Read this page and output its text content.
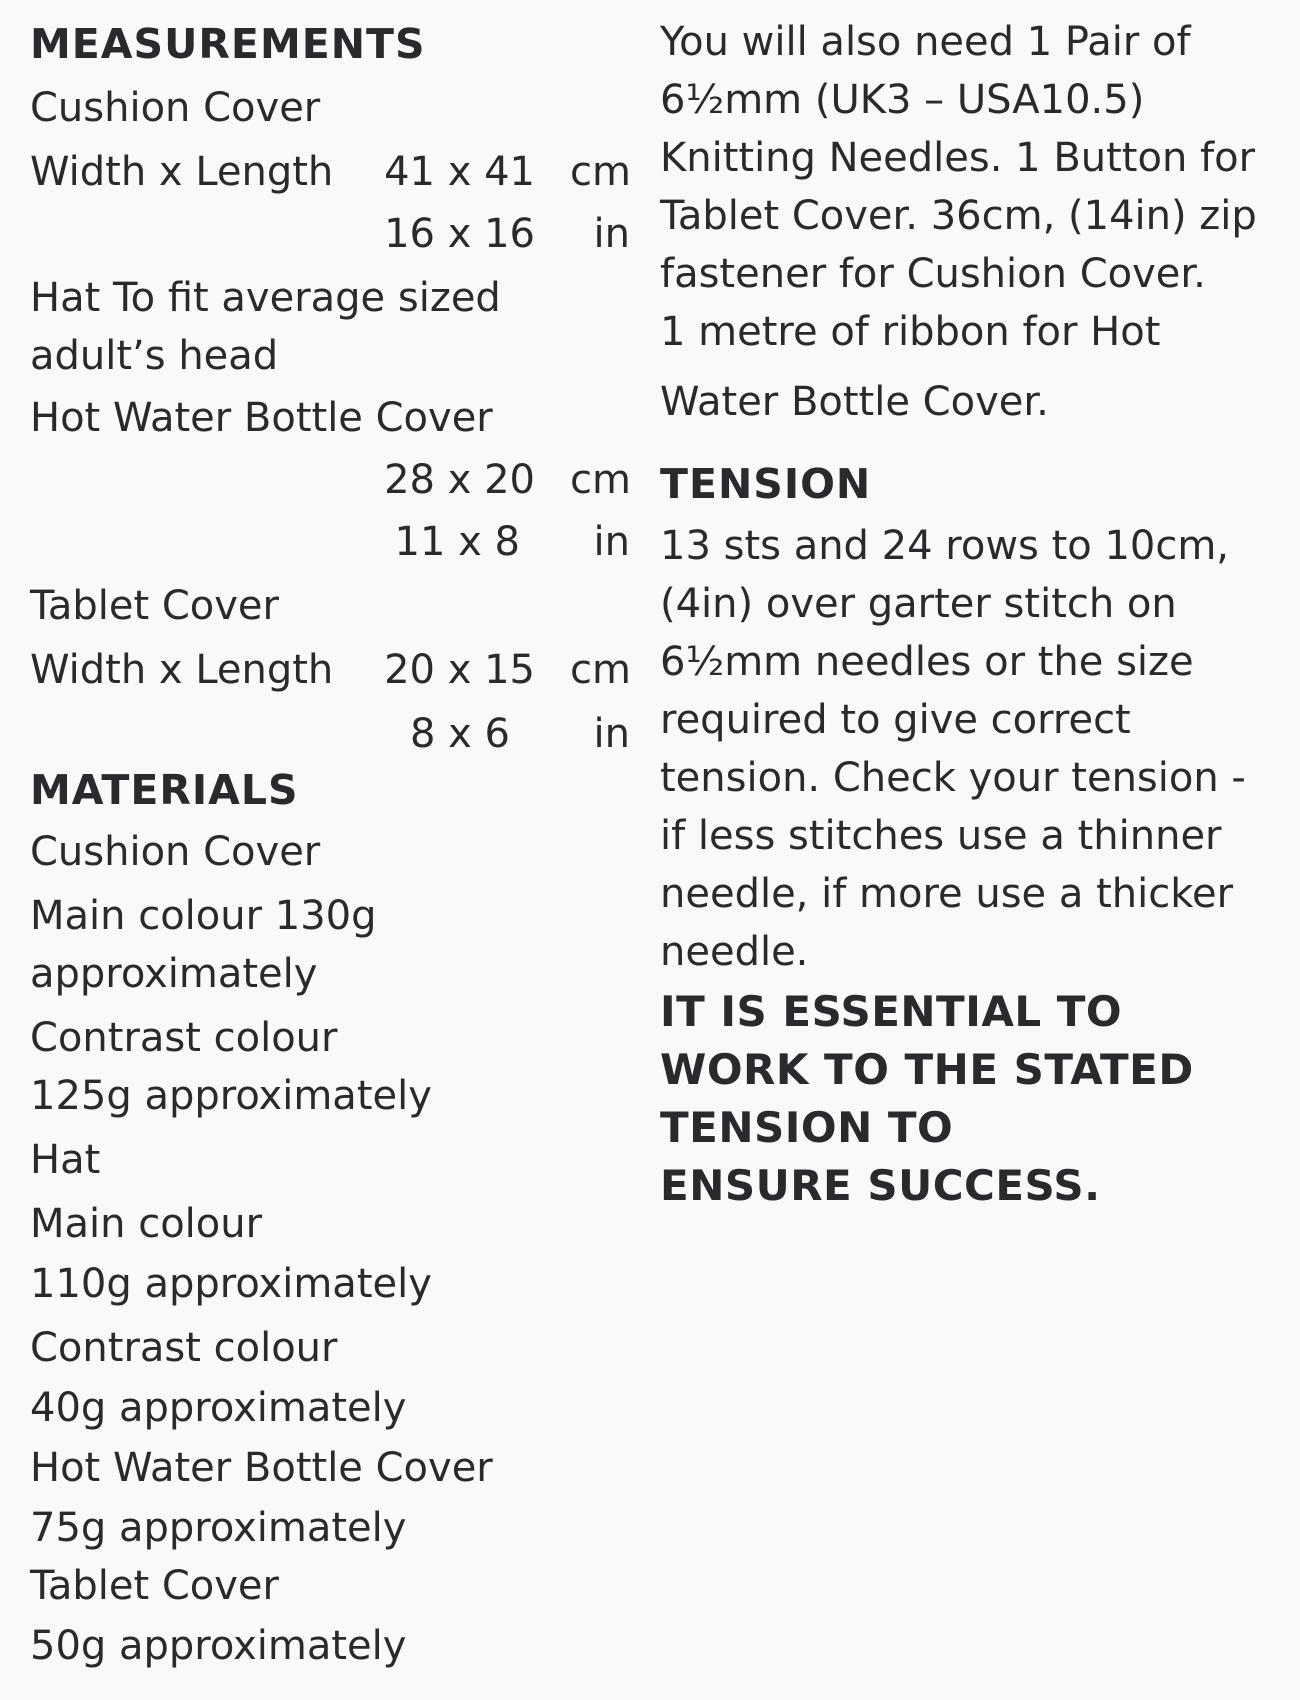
MEASUREMENTS
Cushion Cover
Width x Length 41 x 41 cm
16 x 16	in
Hat To fit average sized
adult’s head
Hot Water Bottle Cover
28 x 20 cm
11 x 8	in
Tablet Cover
Width x Length 20 x 15 cm
8 x 6	in
MATERIALS
Cushion Cover
Main colour 130g
approximately
Contrast colour
125g approximately
Hat
Main colour
110g approximately
Contrast colour
40g approximately
Hot Water Bottle Cover
75g approximately
Tablet Cover
50g approximately
You will also need 1 Pair of
6½mm (UK3 – USA10.5)
Knitting Needles. 1 Button for
Tablet Cover. 36cm, (14in) zip
fastener for Cushion Cover.
1 metre of ribbon for Hot
Water Bottle Cover.
TENSION
13 sts and 24 rows to 10cm,
(4in) over garter stitch on
6½mm needles or the size
required to give correct
tension. Check your tension -
if less stitches use a thinner
needle, if more use a thicker
needle.
IT IS ESSENTIAL TO
WORK TO THE STATED
TENSION TO
ENSURE SUCCESS.
